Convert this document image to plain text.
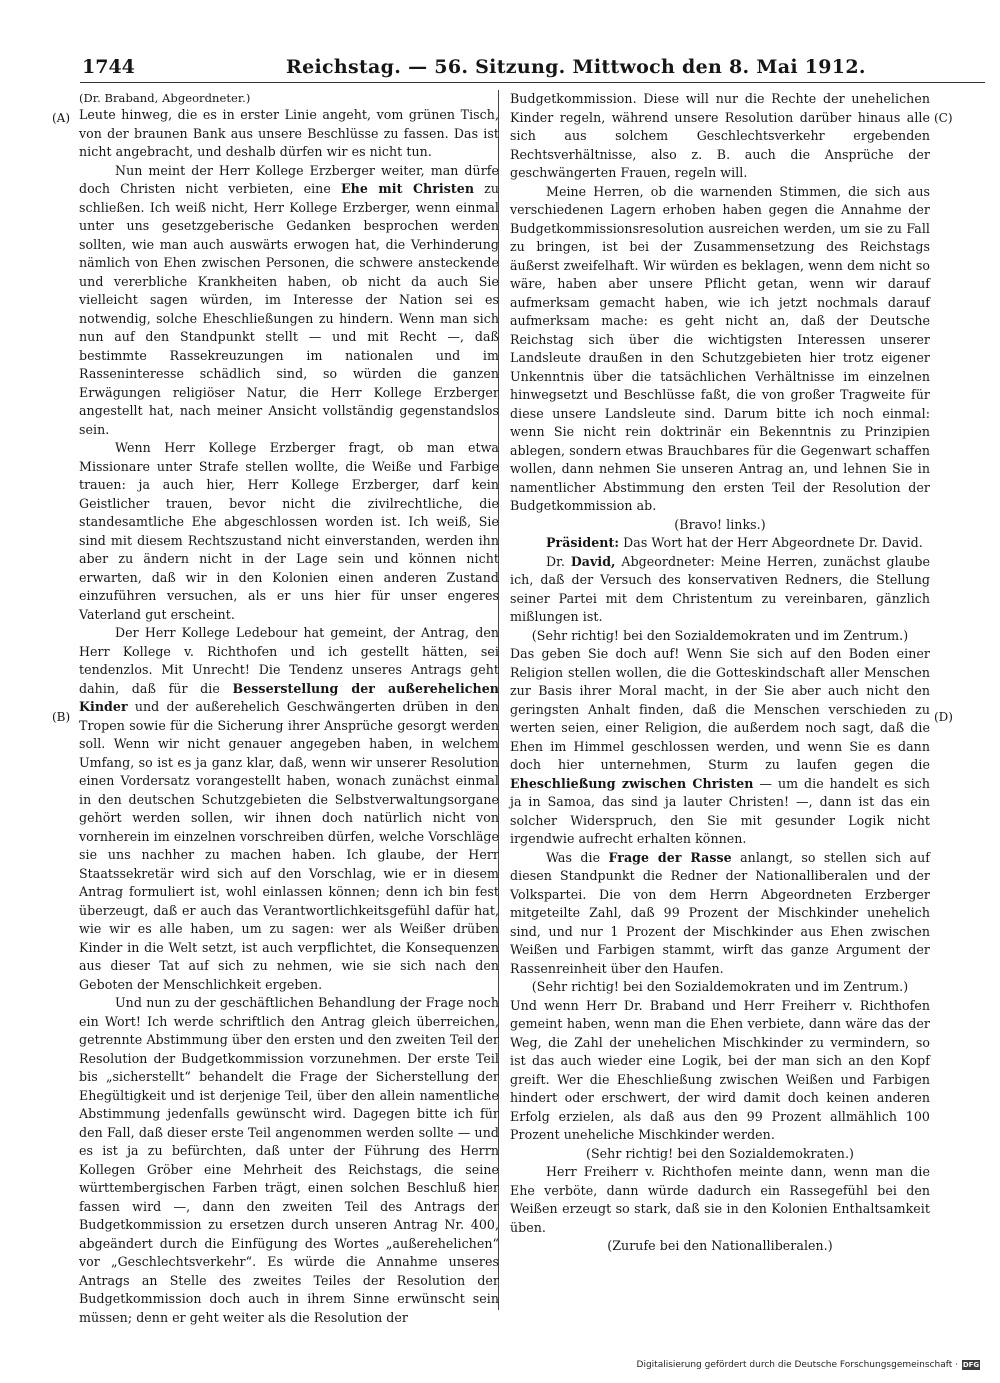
1744	Reichstag. — 56. Sitzung. Mittwoch den 8. Mai 1912.
(A)
(B)
(C)
(D)

(Dr. Braband, Abgeordneter.)

Leute hinweg, die es in erster Linie angeht, vom grünen Tisch, von der braunen Bank aus unsere Beschlüsse zu fassen. Das ist nicht angebracht, und deshalb dürfen wir es nicht tun.

Nun meint der Herr Kollege Erzberger weiter, man dürfe doch Christen nicht verbieten, eine Ehe mit Christen zu schließen. Ich weiß nicht, Herr Kollege Erzberger, wenn einmal unter uns gesetzgeberische Gedanken besprochen werden sollten, wie man auch auswärts erwogen hat, die Verhinderung nämlich von Ehen zwischen Personen, die schwere ansteckende und vererbliche Krankheiten haben, ob nicht da auch Sie vielleicht sagen würden, im Interesse der Nation sei es notwendig, solche Eheschließungen zu hindern. Wenn man sich nun auf den Standpunkt stellt — und mit Recht —, daß bestimmte Rassekreuzungen im nationalen und im Rasseninteresse schädlich sind, so würden die ganzen Erwägungen religiöser Natur, die Herr Kollege Erzberger angestellt hat, nach meiner Ansicht vollständig gegenstandslos sein.

Wenn Herr Kollege Erzberger fragt, ob man etwa Missionare unter Strafe stellen wollte, die Weiße und Farbige trauen: ja auch hier, Herr Kollege Erzberger, darf kein Geistlicher trauen, bevor nicht die zivilrechtliche, die standesamtliche Ehe abgeschlossen worden ist. Ich weiß, Sie sind mit diesem Rechtszustand nicht einverstanden, werden ihn aber zu ändern nicht in der Lage sein und können nicht erwarten, daß wir in den Kolonien einen anderen Zustand einzuführen versuchen, als er uns hier für unser engeres Vaterland gut erscheint.

Der Herr Kollege Ledebour hat gemeint, der Antrag, den Herr Kollege v. Richthofen und ich gestellt hätten, sei tendenzlos. Mit Unrecht! Die Tendenz unseres Antrags geht dahin, daß für die Besserstellung der außerehelichen Kinder und der außerehelich Geschwängerten drüben in den Tropen sowie für die Sicherung ihrer Ansprüche gesorgt werden soll. Wenn wir nicht genauer angegeben haben, in welchem Umfang, so ist es ja ganz klar, daß, wenn wir unserer Resolution einen Vordersatz vorangestellt haben, wonach zunächst einmal in den deutschen Schutzgebieten die Selbstverwaltungsorgane gehört werden sollen, wir ihnen doch natürlich nicht von vornherein im einzelnen vorschreiben dürfen, welche Vorschläge sie uns nachher zu machen haben. Ich glaube, der Herr Staatssekretär wird sich auf den Vorschlag, wie er in diesem Antrag formuliert ist, wohl einlassen können; denn ich bin fest überzeugt, daß er auch das Verantwortlichkeitsgefühl dafür hat, wie wir es alle haben, um zu sagen: wer als Weißer drüben Kinder in die Welt setzt, ist auch verpflichtet, die Konsequenzen aus dieser Tat auf sich zu nehmen, wie sie sich nach den Geboten der Menschlichkeit ergeben.

Und nun zu der geschäftlichen Behandlung der Frage noch ein Wort! Ich werde schriftlich den Antrag gleich überreichen, getrennte Abstimmung über den ersten und den zweiten Teil der Resolution der Budgetkommission vorzunehmen. Der erste Teil bis „sicherstellt“ behandelt die Frage der Sicherstellung der Ehegültigkeit und ist derjenige Teil, über den allein namentliche Abstimmung jedenfalls gewünscht wird. Dagegen bitte ich für den Fall, daß dieser erste Teil angenommen werden sollte — und es ist ja zu befürchten, daß unter der Führung des Herrn Kollegen Gröber eine Mehrheit des Reichstags, die seine württembergischen Farben trägt, einen solchen Beschluß hier fassen wird —, dann den zweiten Teil des Antrags der Budgetkommission zu ersetzen durch unseren Antrag Nr. 400, abgeändert durch die Einfügung des Wortes „außerehelichen“ vor „Geschlechtsverkehr“. Es würde die Annahme unseres Antrags an Stelle des zweites Teiles der Resolution der Budgetkommission doch auch in ihrem Sinne erwünscht sein müssen; denn er geht weiter als die Resolution der

Budgetkommission. Diese will nur die Rechte der unehelichen Kinder regeln, während unsere Resolution darüber hinaus alle sich aus solchem Geschlechtsverkehr ergebenden Rechtsverhältnisse, also z. B. auch die Ansprüche der geschwängerten Frauen, regeln will.

Meine Herren, ob die warnenden Stimmen, die sich aus verschiedenen Lagern erhoben haben gegen die Annahme der Budgetkommissionsresolution ausreichen werden, um sie zu Fall zu bringen, ist bei der Zusammensetzung des Reichstags äußerst zweifelhaft. Wir würden es beklagen, wenn dem nicht so wäre, haben aber unsere Pflicht getan, wenn wir darauf aufmerksam gemacht haben, wie ich jetzt nochmals darauf aufmerksam mache: es geht nicht an, daß der Deutsche Reichstag sich über die wichtigsten Interessen unserer Landsleute draußen in den Schutzgebieten hier trotz eigener Unkenntnis über die tatsächlichen Verhältnisse im einzelnen hinwegsetzt und Beschlüsse faßt, die von großer Tragweite für diese unsere Landsleute sind. Darum bitte ich noch einmal: wenn Sie nicht rein doktrinär ein Bekenntnis zu Prinzipien ablegen, sondern etwas Brauchbares für die Gegenwart schaffen wollen, dann nehmen Sie unseren Antrag an, und lehnen Sie in namentlicher Abstimmung den ersten Teil der Resolution der Budgetkommission ab.

(Bravo! links.)

Präsident: Das Wort hat der Herr Abgeordnete Dr. David.

Dr. David, Abgeordneter: Meine Herren, zunächst glaube ich, daß der Versuch des konservativen Redners, die Stellung seiner Partei mit dem Christentum zu vereinbaren, gänzlich mißlungen ist.

(Sehr richtig! bei den Sozialdemokraten und im Zentrum.)

Das geben Sie doch auf! Wenn Sie sich auf den Boden einer Religion stellen wollen, die die Gotteskindschaft aller Menschen zur Basis ihrer Moral macht, in der Sie aber auch nicht den geringsten Anhalt finden, daß die Menschen verschieden zu werten seien, einer Religion, die außerdem noch sagt, daß die Ehen im Himmel geschlossen werden, und wenn Sie es dann doch hier unternehmen, Sturm zu laufen gegen die Eheschließung zwischen Christen — um die handelt es sich ja in Samoa, das sind ja lauter Christen! —, dann ist das ein solcher Widerspruch, den Sie mit gesunder Logik nicht irgendwie aufrecht erhalten können.

Was die Frage der Rasse anlangt, so stellen sich auf diesen Standpunkt die Redner der Nationalliberalen und der Volkspartei. Die von dem Herrn Abgeordneten Erzberger mitgeteilte Zahl, daß 99 Prozent der Mischkinder unehelich sind, und nur 1 Prozent der Mischkinder aus Ehen zwischen Weißen und Farbigen stammt, wirft das ganze Argument der Rassenreinheit über den Haufen.

(Sehr richtig! bei den Sozialdemokraten und im Zentrum.)

Und wenn Herr Dr. Braband und Herr Freiherr v. Richthofen gemeint haben, wenn man die Ehen verbiete, dann wäre das der Weg, die Zahl der unehelichen Mischkinder zu vermindern, so ist das auch wieder eine Logik, bei der man sich an den Kopf greift. Wer die Eheschließung zwischen Weißen und Farbigen hindert oder erschwert, der wird damit doch keinen anderen Erfolg erzielen, als daß aus den 99 Prozent allmählich 100 Prozent uneheliche Mischkinder werden.

(Sehr richtig! bei den Sozialdemokraten.)

Herr Freiherr v. Richthofen meinte dann, wenn man die Ehe verböte, dann würde dadurch ein Rassegefühl bei den Weißen erzeugt so stark, daß sie in den Kolonien Enthaltsamkeit üben.

(Zurufe bei den Nationalliberalen.)

Digitalisierung gefördert durch die Deutsche Forschungsgemeinschaft · DFG
